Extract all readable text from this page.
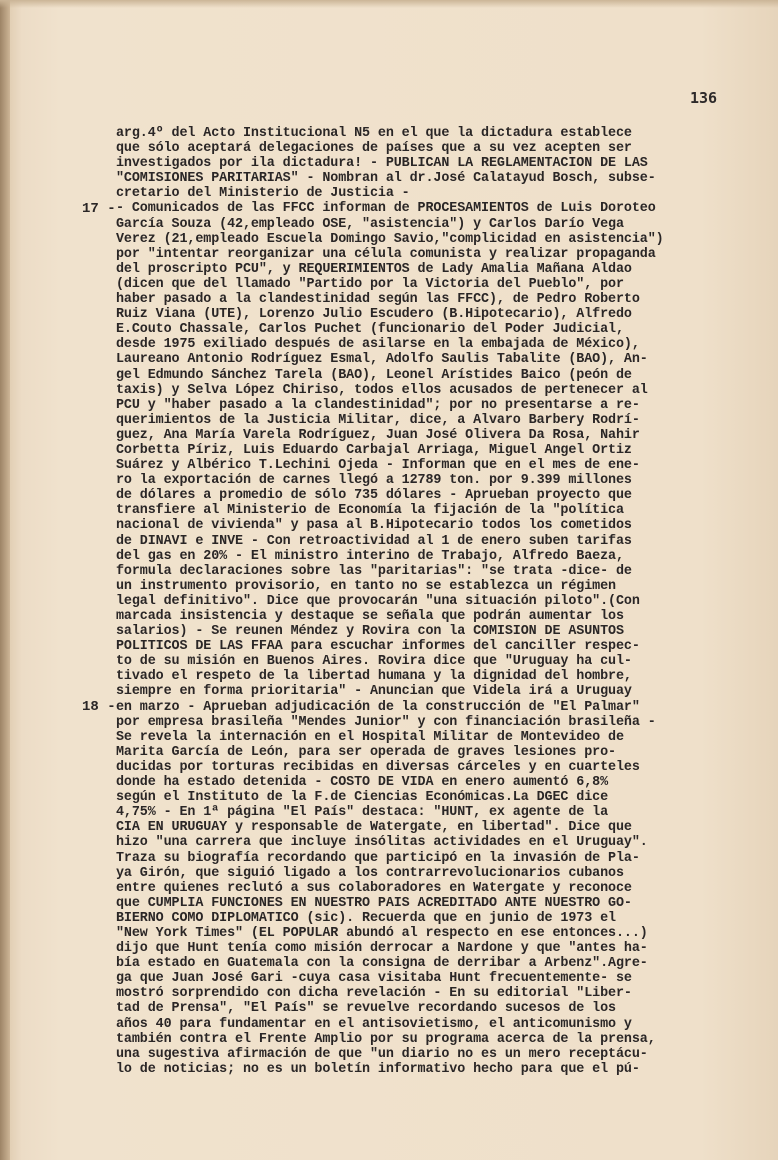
136
arg.4º del Acto Institucional N5 en el que la dictadura establece
que sólo aceptará delegaciones de países que a su vez acepten ser
investigados por ila dictadura! - PUBLICAN LA REGLAMENTACION DE LAS
"COMISIONES PARITARIAS" - Nombran al dr.José Calatayud Bosch, subse-
cretario del Ministerio de Justicia -
- Comunicados de las FFCC informan de PROCESAMIENTOS de Luis Doroteo
García Souza (42,empleado OSE, "asistencia") y Carlos Darío Vega
Verez (21,empleado Escuela Domingo Savio,"complicidad en asistencia")
por "intentar reorganizar una célula comunista y realizar propaganda
del proscripto PCU", y REQUERIMIENTOS de Lady Amalia Mañana Aldao
(dicen que del llamado "Partido por la Victoria del Pueblo", por
haber pasado a la clandestinidad según las FFCC), de Pedro Roberto
Ruiz Viana (UTE), Lorenzo Julio Escudero (B.Hipotecario), Alfredo
E.Couto Chassale, Carlos Puchet (funcionario del Poder Judicial,
desde 1975 exiliado después de asilarse en la embajada de México),
Laureano Antonio Rodríguez Esmal, Adolfo Saulis Tabalite (BAO), An-
gel Edmundo Sánchez Tarela (BAO), Leonel Arístides Baico (peón de
taxis) y Selva López Chiriso, todos ellos acusados de pertenecer al
PCU y "haber pasado a la clandestinidad"; por no presentarse a re-
querimientos de la Justicia Militar, dice, a Alvaro Barbery Rodrí-
guez, Ana María Varela Rodríguez, Juan José Olivera Da Rosa, Nahir
Corbetta Píriz, Luis Eduardo Carbajal Arriaga, Miguel Angel Ortiz
Suárez y Albérico T.Lechini Ojeda - Informan que en el mes de ene-
ro la exportación de carnes llegó a 12789 ton. por 9.399 millones
de dólares a promedio de sólo 735 dólares - Aprueban proyecto que
transfiere al Ministerio de Economía la fijación de la "política
nacional de vivienda" y pasa al B.Hipotecario todos los cometidos
de DINAVI e INVE - Con retroactividad al 1 de enero suben tarifas
del gas en 20% - El ministro interino de Trabajo, Alfredo Baeza,
formula declaraciones sobre las "paritarias": "se trata -dice- de
un instrumento provisorio, en tanto no se establezca un régimen
legal definitivo". Dice que provocarán "una situación piloto".(Con
marcada insistencia y destaque se señala que podrán aumentar los
salarios) - Se reunen Méndez y Rovira con la COMISION DE ASUNTOS
POLITICOS DE LAS FFAA para escuchar informes del canciller respec-
to de su misión en Buenos Aires. Rovira dice que "Uruguay ha cul-
tivado el respeto de la libertad humana y la dignidad del hombre,
siempre en forma prioritaria" - Anuncian que Videla irá a Uruguay
en marzo - Aprueban adjudicación de la construcción de "El Palmar"
por empresa brasileña "Mendes Junior" y con financiación brasileña -
Se revela la internación en el Hospital Militar de Montevideo de
Marita García de León, para ser operada de graves lesiones pro-
ducidas por torturas recibidas en diversas cárceles y en cuarteles
donde ha estado detenida - COSTO DE VIDA en enero aumentó 6,8%
según el Instituto de la F.de Ciencias Económicas.La DGEC dice
4,75% - En 1ª página "El País" destaca: "HUNT, ex agente de la
CIA EN URUGUAY y responsable de Watergate, en libertad". Dice que
hizo "una carrera que incluye insólitas actividades en el Uruguay".
Traza su biografía recordando que participó en la invasión de Pla-
ya Girón, que siguió ligado a los contrarrevolucionarios cubanos
entre quienes reclutó a sus colaboradores en Watergate y reconoce
que CUMPLIA FUNCIONES EN NUESTRO PAIS ACREDITADO ANTE NUESTRO GO-
BIERNO COMO DIPLOMATICO (sic). Recuerda que en junio de 1973 el
"New York Times" (EL POPULAR abundó al respecto en ese entonces...)
dijo que Hunt tenía como misión derrocar a Nardone y que "antes ha-
bía estado en Guatemala con la consigna de derribar a Arbenz".Agre-
ga que Juan José Gari -cuya casa visitaba Hunt frecuentemente- se
mostró sorprendido con dicha revelación - En su editorial "Liber-
tad de Prensa", "El País" se revuelve recordando sucesos de los
años 40 para fundamentar en el antisovietismo, el anticomunismo y
también contra el Frente Amplio por su programa acerca de la prensa,
una sugestiva afirmación de que "un diario no es un mero receptácu-
lo de noticias; no es un boletín informativo hecho para que el pú-
17 -
18 -
